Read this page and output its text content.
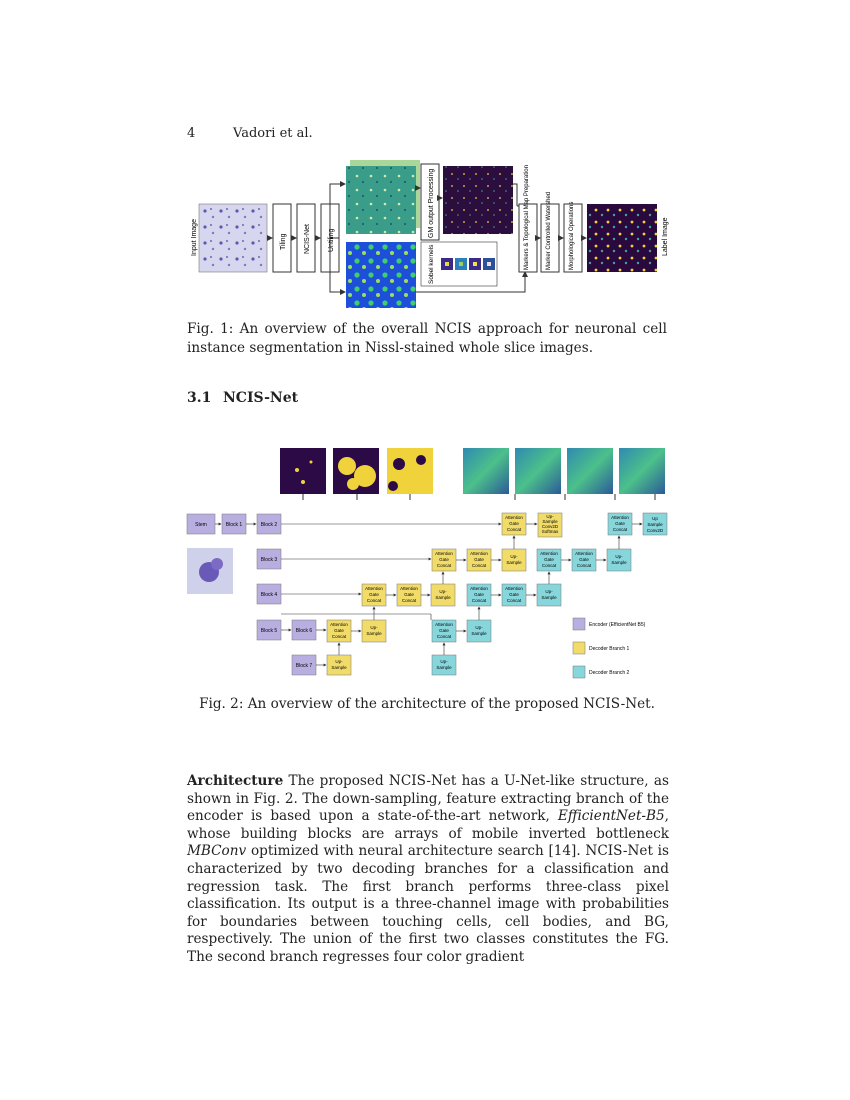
4	Vadori et al.
Input Image	Tiling NCIS-Net Untiling
GM output Processing
Sobel kernels	Markers & Topological Map Preparation	Marker Controlled Watershed	Morphological Operations	Label Image
Fig. 1: An overview of the overall NCIS approach for neuronal cell instance segmentation in Nissl-stained whole slice images.
3.1 NCIS-Net
Stem	Block 1	Block 2
Block 3
Block 4
Block 5	Block 6
Block 7
Attention
Gate
Concat
Up-
Sample
Up-
Sample
Attention
Gate
Concat
Attention
Gate
Concat
Up-
Sample
Attention
Gate
Concat
Attention
Gate
Concat
Up-
Sample
Attention
Gate
Concat
Up-
Sample
Conv2D
Softmax
Attention
Gate
Concat
Up-
Sample
Up-
Sample
Attention
Gate
Concat
Attention
Gate
Concat
Up-
Sample
Attention
Gate
Concat
Attention
Gate
Concat
Up-
Sample
Attention
Gate
Concat
Up
Sample
Conv2D
Encoder (EfficientNet B5)
Decoder Branch 1
Decoder Branch 2
Fig. 2: An overview of the architecture of the proposed NCIS-Net.
Architecture The proposed NCIS-Net has a U-Net-like structure, as shown in Fig. 2. The down-sampling, feature extracting branch of the encoder is based upon a state-of-the-art network, EfficientNet-B5, whose building blocks are arrays of mobile inverted bottleneck MBConv optimized with neural architecture search [14]. NCIS-Net is characterized by two decoding branches for a classification and regression task. The first branch performs three-class pixel classification. Its output is a three-channel image with probabilities for boundaries between touching cells, cell bodies, and BG, respectively. The union of the first two classes constitutes the FG. The second branch regresses four color gradient
